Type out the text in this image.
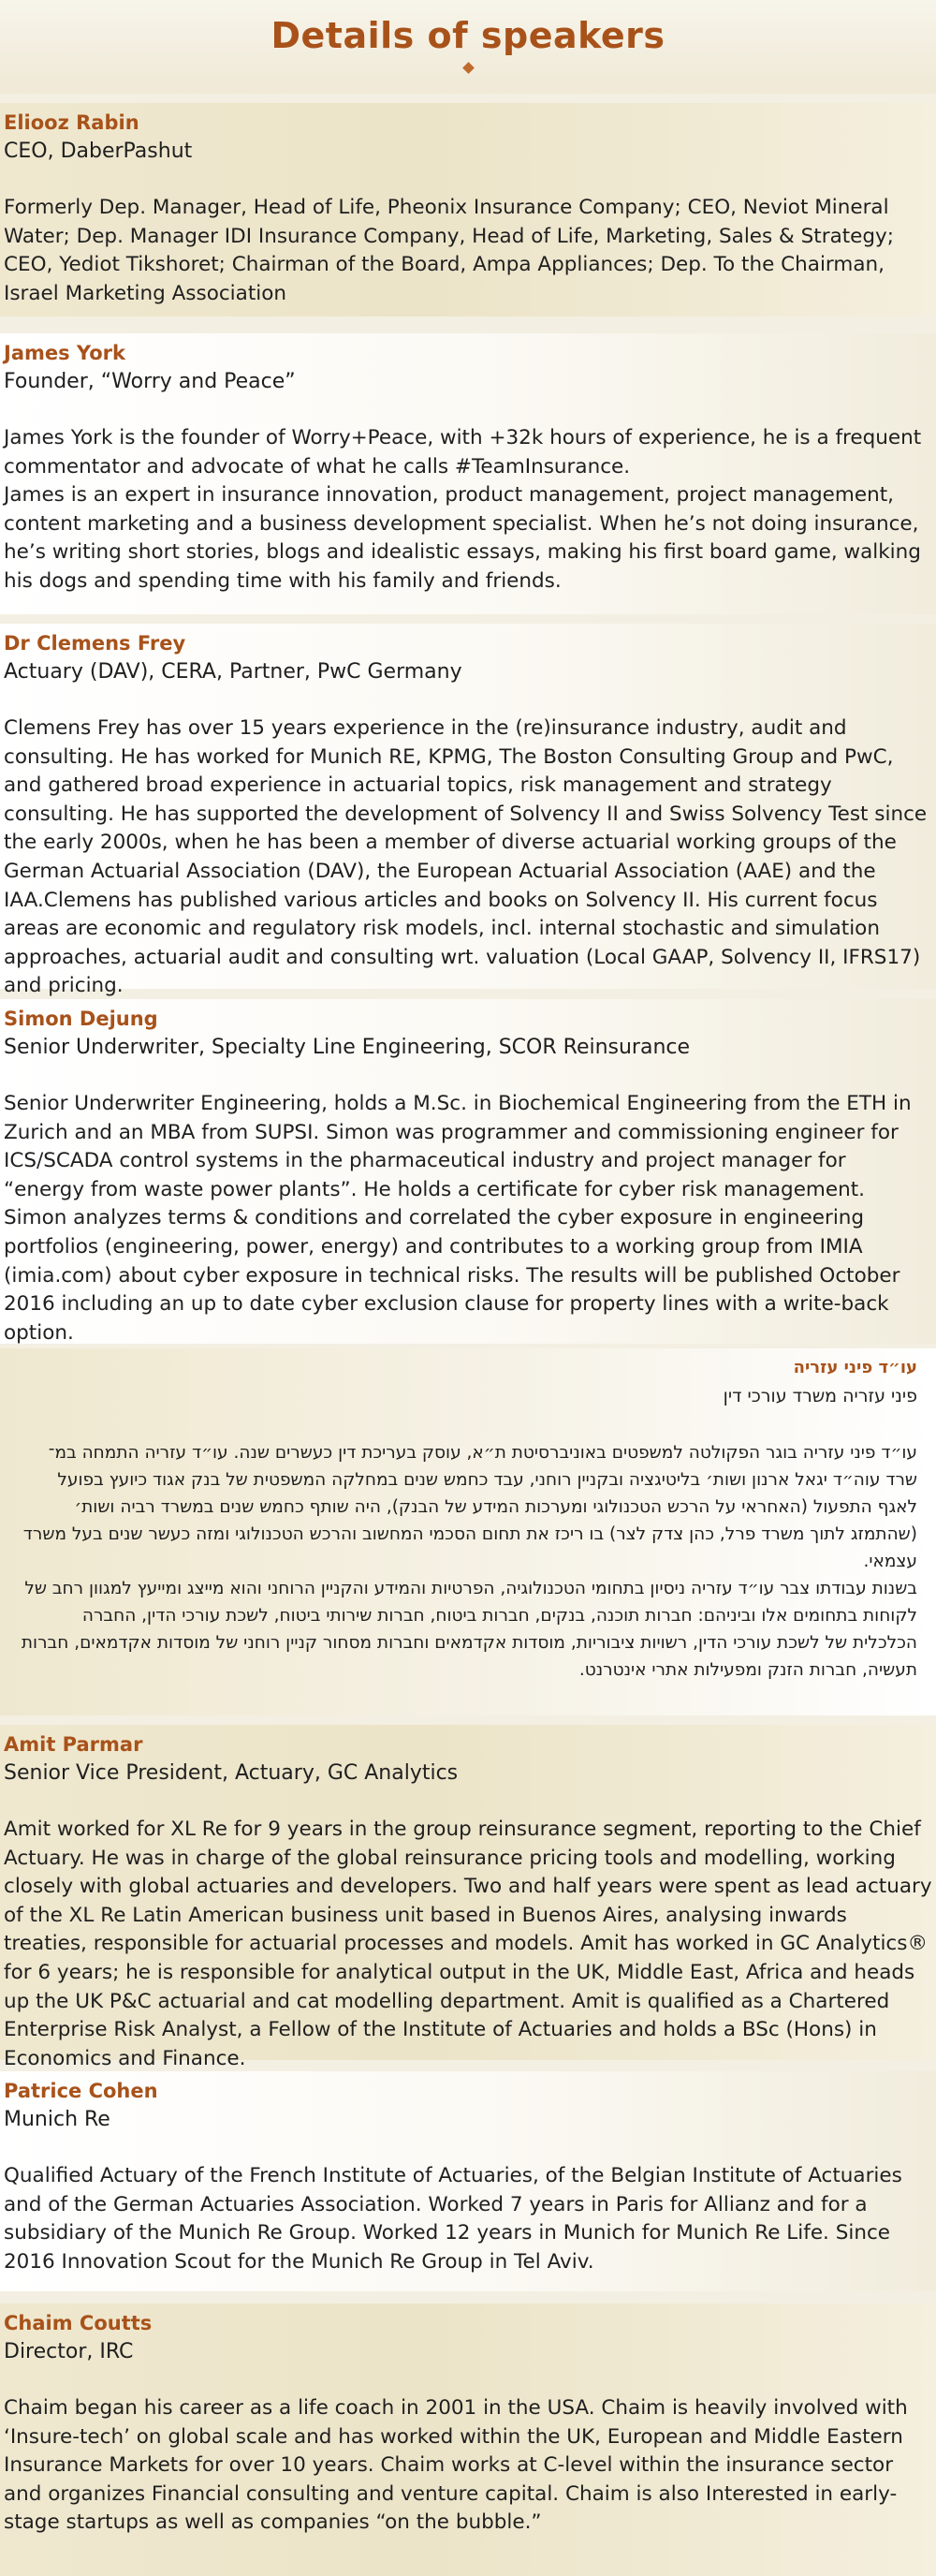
Details of speakers
Eliooz Rabin
CEO, DaberPashut
Formerly Dep. Manager, Head of Life, Pheonix Insurance Company; CEO, Neviot Mineral Water; Dep. Manager IDI Insurance Company, Head of Life, Marketing, Sales & Strategy; CEO, Yediot Tikshoret; Chairman of the Board, Ampa Appliances; Dep. To the Chairman, Israel Marketing Association
James York
Founder, “Worry and Peace”
James York is the founder of Worry+Peace, with +32k hours of experience, he is a frequent commentator and advocate of what he calls #TeamInsurance.
James is an expert in insurance innovation, product management, project management, content marketing and a business development specialist. When he’s not doing insurance, he’s writing short stories, blogs and idealistic essays, making his first board game, walking his dogs and spending time with his family and friends.
Dr Clemens Frey
Actuary (DAV), CERA, Partner, PwC Germany
Clemens Frey has over 15 years experience in the (re)insurance industry, audit and consulting. He has worked for Munich RE, KPMG, The Boston Consulting Group and PwC, and gathered broad experience in actuarial topics, risk management and strategy consulting. He has supported the development of Solvency II and Swiss Solvency Test since the early 2000s, when he has been a member of diverse actuarial working groups of the German Actuarial Association (DAV), the European Actuarial Association (AAE) and the IAA.Clemens has published various articles and books on Solvency II. His current focus areas are economic and regulatory risk models, incl. internal stochastic and simulation approaches, actuarial audit and consulting wrt. valuation (Local GAAP, Solvency II, IFRS17) and pricing.
Simon Dejung
Senior Underwriter, Specialty Line Engineering, SCOR Reinsurance
Senior Underwriter Engineering, holds a M.Sc. in Biochemical Engineering from the ETH in Zurich and an MBA from SUPSI. Simon was programmer and commissioning engineer for ICS/SCADA control systems in the pharmaceutical industry and project manager for “energy from waste power plants”. He holds a certificate for cyber risk management. Simon analyzes terms & conditions and correlated the cyber exposure in engineering portfolios (engineering, power, energy) and contributes to a working group from IMIA (imia.com) about cyber exposure in technical risks. The results will be published October 2016 including an up to date cyber exclusion clause for property lines with a write-back option.
עו״ד פיני עזריה
פיני עזריה משרד עורכי דין
עו״ד פיני עזריה בוגר הפקולטה למשפטים באוניברסיטת ת״א, עוסק בעריכת דין כעשרים שנה. עו״ד עזריה התמחה במ־ שרד עוה״ד יגאל ארנון ושות׳ בליטיגציה ובקניין רוחני, עבד כחמש שנים במחלקה המשפטית של בנק אגוד כיועץ בפועל לאגף התפעול (האחראי על הרכש הטכנולוגי ומערכות המידע של הבנק), היה שותף כחמש שנים במשרד רביה ושות׳ (שהתמזג לתוך משרד פרל, כהן צדק לצר) בו ריכז את תחום הסכמי המחשוב והרכש הטכנולוגי ומזה כעשר שנים בעל משרד עצמאי.
בשנות עבודתו צבר עו״ד עזריה ניסיון בתחומי הטכנולוגיה, הפרטיות והמידע והקניין הרוחני והוא מייצג ומייעץ למגוון רחב של לקוחות בתחומים אלו וביניהם: חברות תוכנה, בנקים, חברות ביטוח, חברות שירותי ביטוח, לשכת עורכי הדין, החברה הכלכלית של לשכת עורכי הדין, רשויות ציבוריות, מוסדות אקדמאים וחברות מסחור קניין רוחני של מוסדות אקדמאים, חברות תעשיה, חברות הזנק ומפעילות אתרי אינטרנט.
Amit Parmar
Senior Vice President, Actuary, GC Analytics
Amit worked for XL Re for 9 years in the group reinsurance segment, reporting to the Chief Actuary. He was in charge of the global reinsurance pricing tools and modelling, working closely with global actuaries and developers. Two and half years were spent as lead actuary of the XL Re Latin American business unit based in Buenos Aires, analysing inwards treaties, responsible for actuarial processes and models. Amit has worked in GC Analytics® for 6 years; he is responsible for analytical output in the UK, Middle East, Africa and heads up the UK P&C actuarial and cat modelling department. Amit is qualified as a Chartered Enterprise Risk Analyst, a Fellow of the Institute of Actuaries and holds a BSc (Hons) in Economics and Finance.
Patrice Cohen
Munich Re
Qualified Actuary of the French Institute of Actuaries, of the Belgian Institute of Actuaries and of the German Actuaries Association. Worked 7 years in Paris for Allianz and for a subsidiary of the Munich Re Group. Worked 12 years in Munich for Munich Re Life. Since 2016 Innovation Scout for the Munich Re Group in Tel Aviv.
Chaim Coutts
Director, IRC
Chaim began his career as a life coach in 2001 in the USA. Chaim is heavily involved with ‘Insure-tech’ on global scale and has worked within the UK, European and Middle Eastern Insurance Markets for over 10 years. Chaim works at C-level within the insurance sector and organizes Financial consulting and venture capital. Chaim is also Interested in early-stage startups as well as companies “on the bubble.”
